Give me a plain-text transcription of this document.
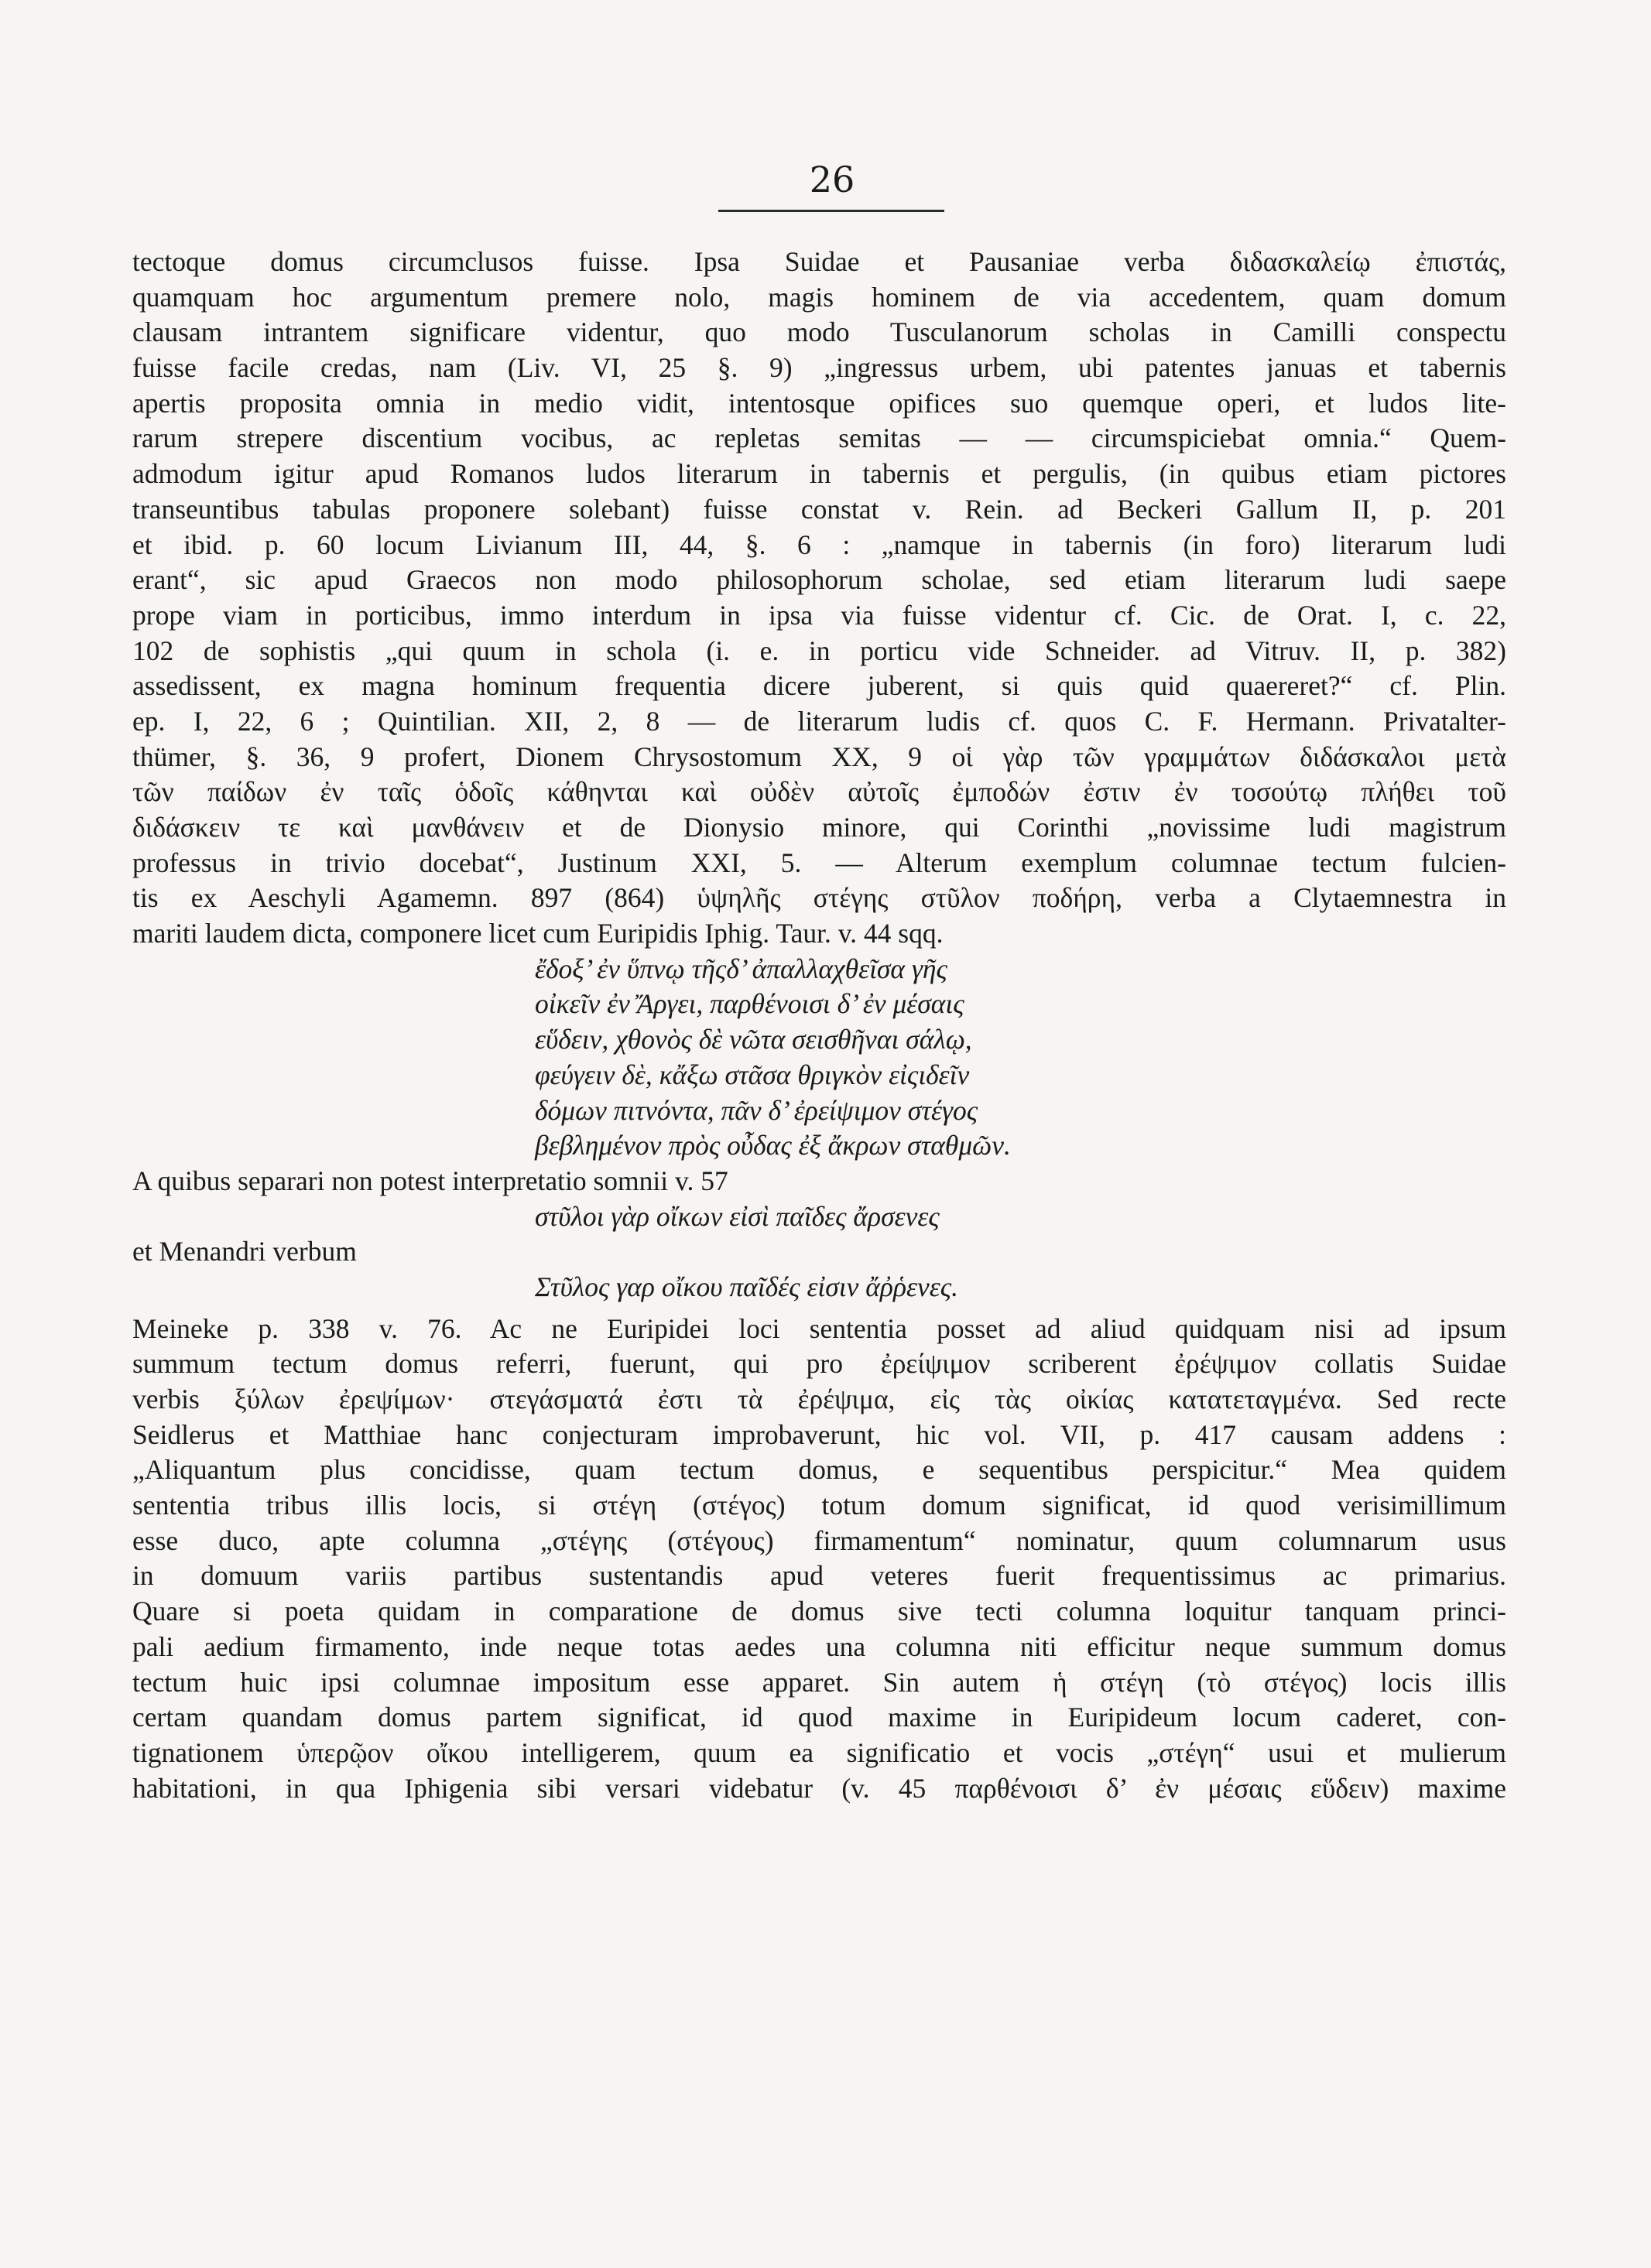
26
tectoque domus circumclusos fuisse. Ipsa Suidae et Pausaniae verba διδασκαλείῳ ἐπιστάς,
quamquam hoc argumentum premere nolo, magis hominem de via accedentem, quam domum
clausam intrantem significare videntur, quo modo Tusculanorum scholas in Camilli conspectu
fuisse facile credas, nam (Liv. VI, 25 §. 9) „ingressus urbem, ubi patentes januas et tabernis
apertis proposita omnia in medio vidit, intentosque opifices suo quemque operi, et ludos lite-
rarum strepere discentium vocibus, ac repletas semitas — — circumspiciebat omnia.“ Quem-
admodum igitur apud Romanos ludos literarum in tabernis et pergulis, (in quibus etiam pictores
transeuntibus tabulas proponere solebant) fuisse constat v. Rein. ad Beckeri Gallum II, p. 201
et ibid. p. 60 locum Livianum III, 44, §. 6 : „namque in tabernis (in foro) literarum ludi
erant“, sic apud Graecos non modo philosophorum scholae, sed etiam literarum ludi saepe
prope viam in porticibus, immo interdum in ipsa via fuisse videntur cf. Cic. de Orat. I, c. 22,
102 de sophistis „qui quum in schola (i. e. in porticu vide Schneider. ad Vitruv. II, p. 382)
assedissent, ex magna hominum frequentia dicere juberent, si quis quid quaereret?“ cf. Plin.
ep. I, 22, 6 ; Quintilian. XII, 2, 8 — de literarum ludis cf. quos C. F. Hermann. Privatalter-
thümer, §. 36, 9 profert, Dionem Chrysostomum XX, 9 οἱ γὰρ τῶν γραμμάτων διδάσκαλοι μετὰ
τῶν παίδων ἐν ταῖς ὁδοῖς κάθηνται καὶ οὐδὲν αὐτοῖς ἐμποδών ἐστιν ἐν τοσούτῳ πλήθει τοῦ
διδάσκειν τε καὶ μανθάνειν et de Dionysio minore, qui Corinthi „novissime ludi magistrum
professus in trivio docebat“, Justinum XXI, 5. — Alterum exemplum columnae tectum fulcien-
tis ex Aeschyli Agamemn. 897 (864) ὑψηλῆς στέγης στῦλον ποδήρη, verba a Clytaemnestra in
mariti laudem dicta, componere licet cum Euripidis Iphig. Taur. v. 44 sqq.
ἔδοξ’ ἐν ὕπνῳ τῆςδ’ ἀπαλλαχθεῖσα γῆς
οἰκεῖν ἐν Ἄργει, παρθένοισι δ’ ἐν μέσαις
εὕδειν, χθονὸς δὲ νῶτα σεισθῆναι σάλῳ,
φεύγειν δὲ, κἄξω στᾶσα θριγκὸν εἰςιδεῖν
δόμων πιτνόντα, πᾶν δ’ ἐρείψιμον στέγος
βεβλημένον πρὸς οὖδας ἐξ ἄκρων σταθμῶν.
A quibus separari non potest interpretatio somnii v. 57
στῦλοι γὰρ οἴκων εἰσὶ παῖδες ἄρσενες
et Menandri verbum
Στῦλος γαρ οἴκου παῖδές εἰσιν ἄῤῥενες.
Meineke p. 338 v. 76. Ac ne Euripidei loci sententia posset ad aliud quidquam nisi ad ipsum
summum tectum domus referri, fuerunt, qui pro ἐρείψιμον scriberent ἐρέψιμον collatis Suidae
verbis ξύλων ἐρεψίμων· στεγάσματά ἐστι τὰ ἐρέψιμα, εἰς τὰς οἰκίας κατατεταγμένα. Sed recte
Seidlerus et Matthiae hanc conjecturam improbaverunt, hic vol. VII, p. 417 causam addens :
„Aliquantum plus concidisse, quam tectum domus, e sequentibus perspicitur.“ Mea quidem
sententia tribus illis locis, si στέγη (στέγος) totum domum significat, id quod verisimillimum
esse duco, apte columna „στέγης (στέγους) firmamentum“ nominatur, quum columnarum usus
in domuum variis partibus sustentandis apud veteres fuerit frequentissimus ac primarius.
Quare si poeta quidam in comparatione de domus sive tecti columna loquitur tanquam princi-
pali aedium firmamento, inde neque totas aedes una columna niti efficitur neque summum domus
tectum huic ipsi columnae impositum esse apparet. Sin autem ἡ στέγη (τὸ στέγος) locis illis
certam quandam domus partem significat, id quod maxime in Euripideum locum caderet, con-
tignationem ὑπερῷον οἴκου intelligerem, quum ea significatio et vocis „στέγη“ usui et mulierum
habitationi, in qua Iphigenia sibi versari videbatur (v. 45 παρθένοισι δ’ ἐν μέσαις εὕδειν) maxime
